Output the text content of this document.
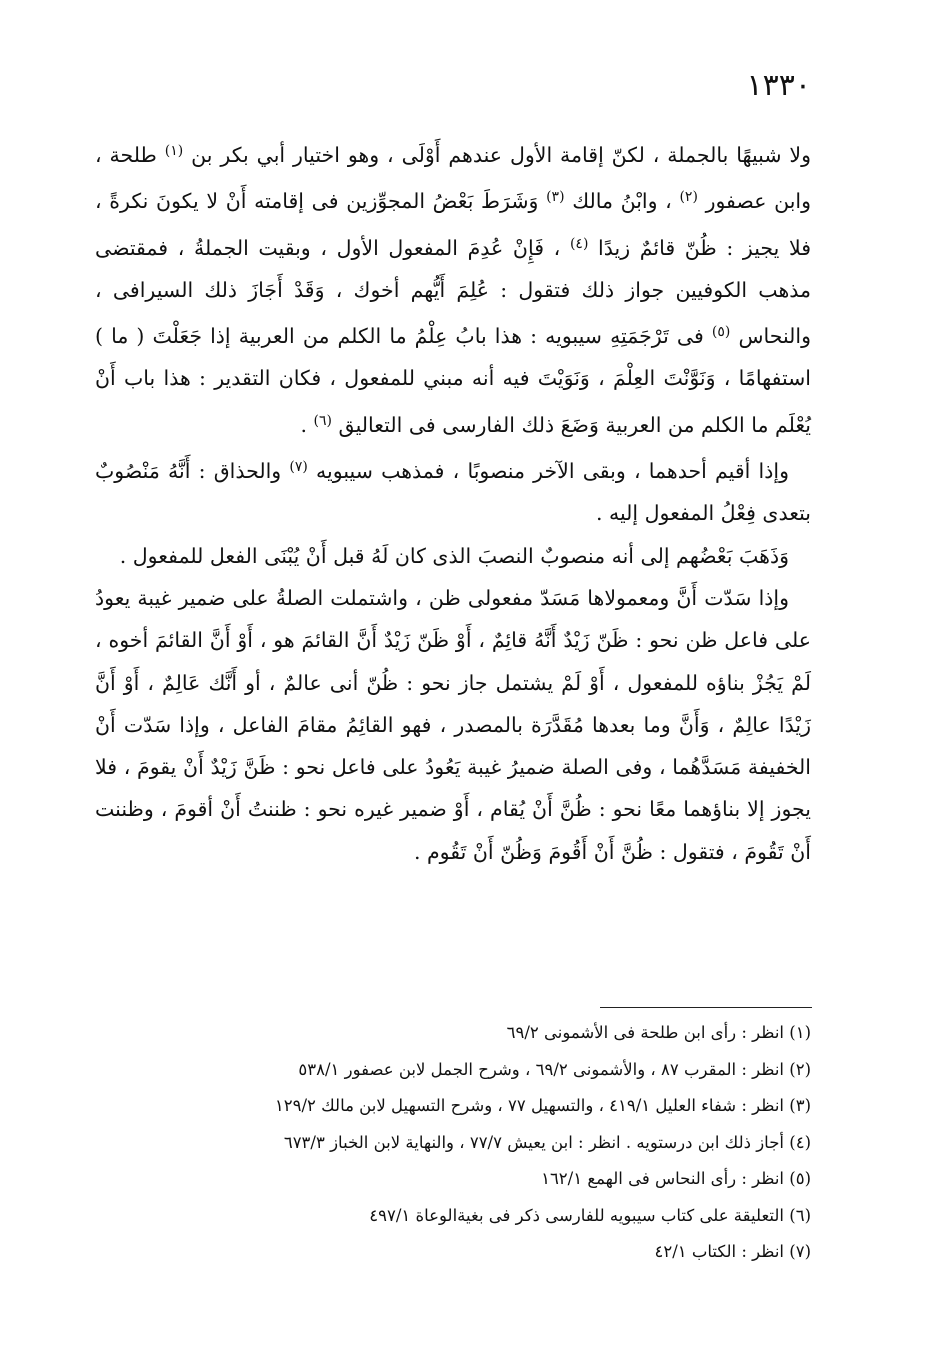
١٣٣٠

ولا شبيهًا بالجملة ، لكنّ إقامة الأول عندهم أَوْلَى ، وهو اختيار أبي بكر بن $^{(١)}$ طلحة ، وابن عصفور $^{(٢)}$ ، وابْنُ مالك $^{(٣)}$ وَشَرَطَ بَعْضُ المجوِّزين فى إقامته أَنْ لا يكونَ نكرةً ، فلا يجيز : ظُنّ قائمٌ زيدًا $^{(٤)}$ ، فَإِنْ عُدِمَ المفعول الأول ، وبقيت الجملةُ ، فمقتضى مذهب الكوفيين جواز ذلك فتقول : عُلِمَ أَيُّهم أخوك ، وَقَدْ أَجَازَ ذلك السيرافى ، والنحاس $^{(٥)}$ فى تَرْجَمَتِهِ سيبويه : هذا بابُ عِلْمُ ما الكلم من العربية إذا جَعَلْتَ ( ما ) استفهامًا ، وَنَوَّنْتَ العِلْمَ ، وَنَوَيْتَ فيه أنه مبني للمفعول ، فكان التقدير : هذا باب أَنْ يُعْلَم ما الكلم من العربية وَضَعَ ذلك الفارسى فى التعاليق $^{(٦)}$ .

وإذا أقيم أحدهما ، وبقى الآخر منصوبًا ، فمذهب سيبويه $^{(٧)}$ والحذاق : أَنَّهُ مَنْصُوبٌ بتعدى فِعْلُ المفعول إليه .

وَذَهَبَ بَعْضُهم إلى أنه منصوبٌ النصبَ الذى كان لَهُ قبل أَنْ يُبْنَى الفعل للمفعول .

وإذا سَدّت أَنَّ ومعمولاها مَسَدّ مفعولى ظن ، واشتملت الصلةُ على ضمير غيبة يعودُ على فاعل ظن نحو : ظَنّ زَيْدٌ أَنَّهُ قائِمٌ ، أَوْ ظَنّ زَيْدٌ أَنَّ القائمَ هو ، أَوْ أَنَّ القائمَ أخوه ، لَمْ يَجُزْ بناؤه للمفعول ، أَوْ لَمْ يشتمل جاز نحو : ظُنّ أنى عالمٌ ، أو أَنَّك عَالِمٌ ، أَوْ أَنَّ زَيْدًا عالِمٌ ، وَأَنَّ وما بعدها مُقَدَّرَة بالمصدر ، فهو القائِمُ مقامَ الفاعل ، وإذا سَدّت أَنْ الخفيفة مَسَدَّهُما ، وفى الصلة ضميرُ غيبة يَعُودُ على فاعل نحو : ظَنَّ زَيْدٌ أَنْ يقومَ ، فلا يجوز إلا بناؤهما معًا نحو : ظُنَّ أَنْ يُقام ، أَوْ ضمير غيره نحو : ظننتُ أَنْ أقومَ ، وظننت أَنْ تَقُومَ ، فتقول : ظُنَّ أَنْ أَقُومَ وَظُنّ أَنْ تَقُوم .

(١) انظر : رأى ابن طلحة فى الأشمونى ٦٩/٢

(٢) انظر : المقرب ٨٧ ، والأشمونى ٦٩/٢ ، وشرح الجمل لابن عصفور ٥٣٨/١

(٣) انظر : شفاء العليل ٤١٩/١ ، والتسهيل ٧٧ ، وشرح التسهيل لابن مالك ١٢٩/٢

(٤) أجاز ذلك ابن درستويه . انظر : ابن يعيش ٧٧/٧ ، والنهاية لابن الخباز ٦٧٣/٣

(٥) انظر : رأى النحاس فى الهمع ١٦٢/١

(٦) التعليقة على كتاب سيبويه للفارسى ذكر فى بغيةالوعاة ٤٩٧/١

(٧) انظر : الكتاب ٤٢/١
